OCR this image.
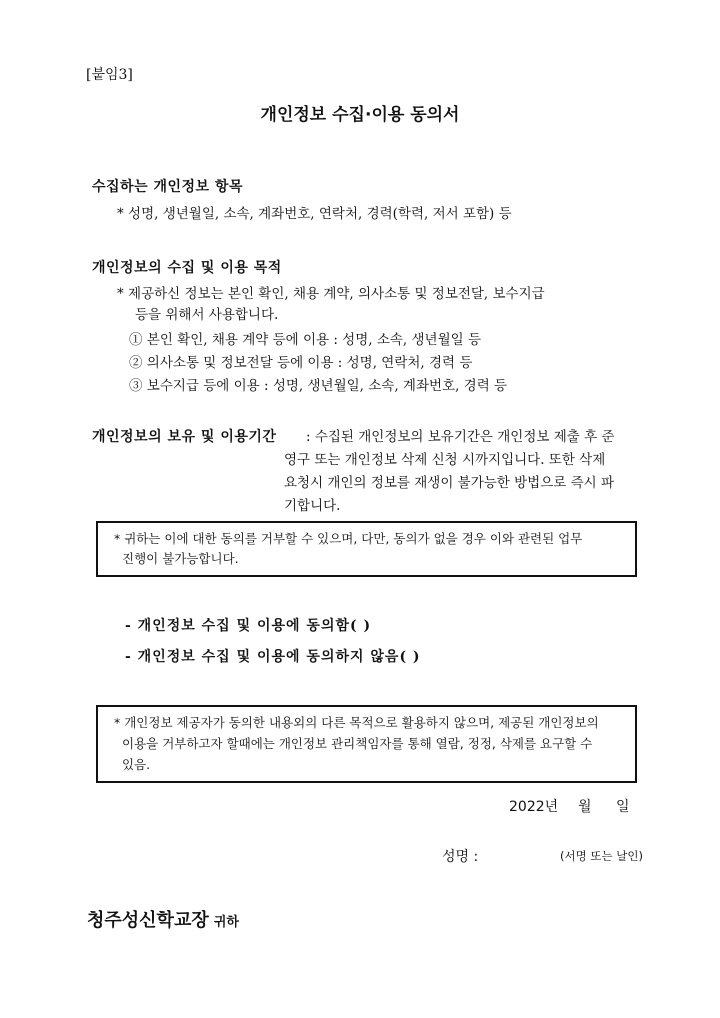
[붙임3]
개인정보 수집·이용 동의서
수집하는 개인정보 항목
* 성명, 생년월일, 소속, 계좌번호, 연락처, 경력(학력, 저서 포함) 등
개인정보의 수집 및 이용 목적
* 제공하신 정보는 본인 확인, 채용 계약, 의사소통 및 정보전달, 보수지급
등을 위해서 사용합니다.
① 본인 확인, 채용 계약 등에 이용 : 성명, 소속, 생년월일 등
② 의사소통 및 정보전달 등에 이용 : 성명, 연락처, 경력 등
③ 보수지급 등에 이용 : 성명, 생년월일, 소속, 계좌번호, 경력 등
개인정보의 보유 및 이용기간 : 수집된 개인정보의 보유기간은 개인정보 제출 후 준
영구 또는 개인정보 삭제 신청 시까지입니다. 또한 삭제
요청시 개인의 정보를 재생이 불가능한 방법으로 즉시 파
기합니다.
* 귀하는 이에 대한 동의를 거부할 수 있으며, 다만, 동의가 없을 경우 이와 관련된 업무
진행이 불가능합니다.
- 개인정보 수집 및 이용에 동의함( )
- 개인정보 수집 및 이용에 동의하지 않음( )
* 개인정보 제공자가 동의한 내용외의 다른 목적으로 활용하지 않으며, 제공된 개인정보의
이용을 거부하고자 할때에는 개인정보 관리책임자를 통해 열람, 정정, 삭제를 요구할 수
있음.
2022년 월 일
성명 :	(서명 또는 날인)
청주성신학교장 귀하
